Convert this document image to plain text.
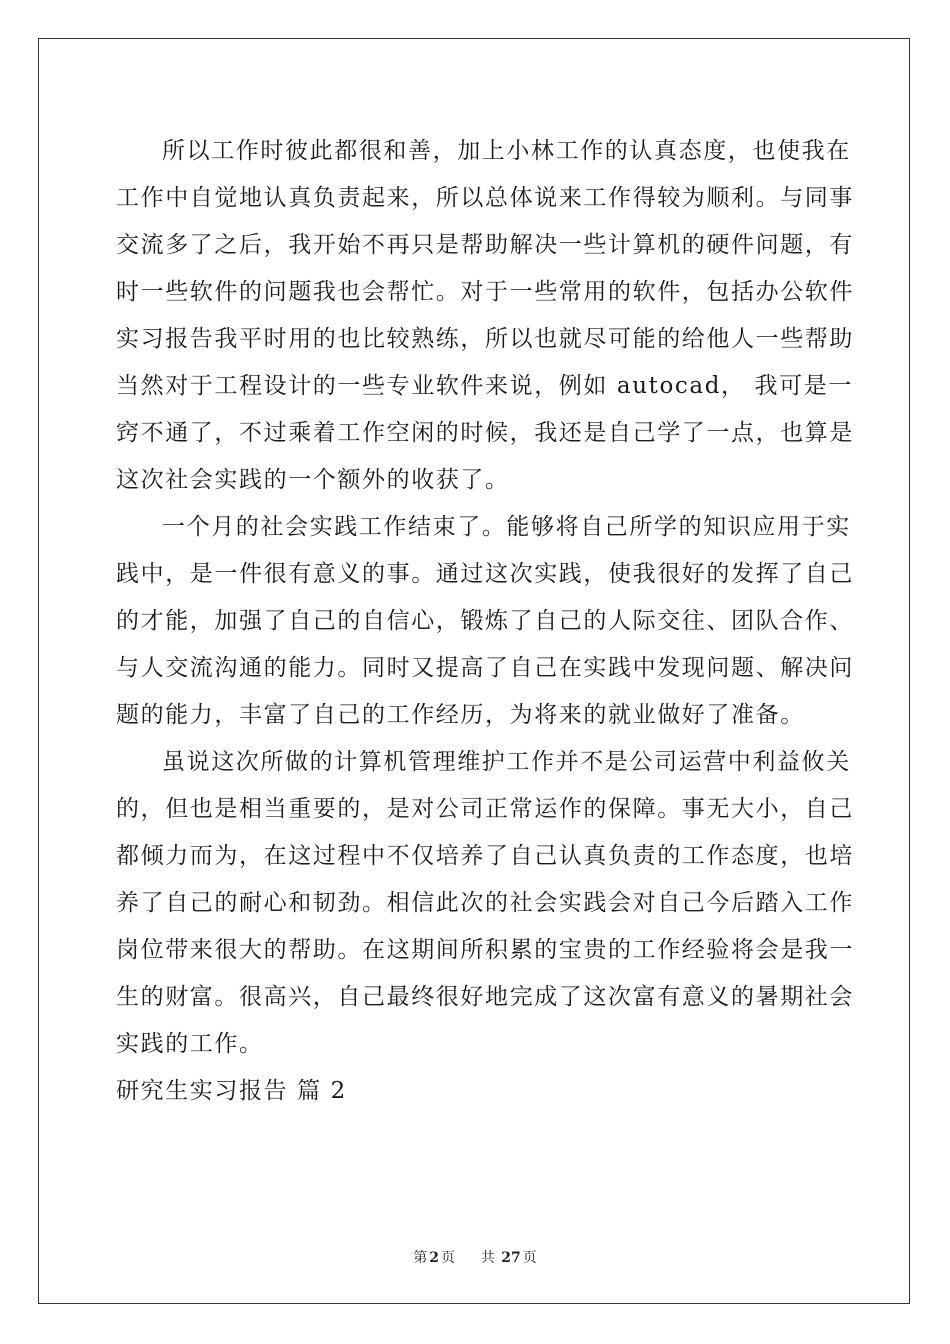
所以工作时彼此都很和善，加上小林工作的认真态度，也使我在
工作中自觉地认真负责起来，所以总体说来工作得较为顺利。与同事
交流多了之后，我开始不再只是帮助解决一些计算机的硬件问题，有
时一些软件的问题我也会帮忙。对于一些常用的软件，包括办公软件
实习报告我平时用的也比较熟练，所以也就尽可能的给他人一些帮助
当然对于工程设计的一些专业软件来说，例如 autocad， 我可是一
窍不通了，不过乘着工作空闲的时候，我还是自己学了一点，也算是
这次社会实践的一个额外的收获了。
一个月的社会实践工作结束了。能够将自己所学的知识应用于实
践中，是一件很有意义的事。通过这次实践，使我很好的发挥了自己
的才能，加强了自己的自信心，锻炼了自己的人际交往、团队合作、
与人交流沟通的能力。同时又提高了自己在实践中发现问题、解决问
题的能力，丰富了自己的工作经历，为将来的就业做好了准备。
虽说这次所做的计算机管理维护工作并不是公司运营中利益攸关
的，但也是相当重要的，是对公司正常运作的保障。事无大小，自己
都倾力而为，在这过程中不仅培养了自己认真负责的工作态度，也培
养了自己的耐心和韧劲。相信此次的社会实践会对自己今后踏入工作
岗位带来很大的帮助。在这期间所积累的宝贵的工作经验将会是我一
生的财富。很高兴，自己最终很好地完成了这次富有意义的暑期社会
实践的工作。
研究生实习报告 篇 2
第 2 页 共 27 页
